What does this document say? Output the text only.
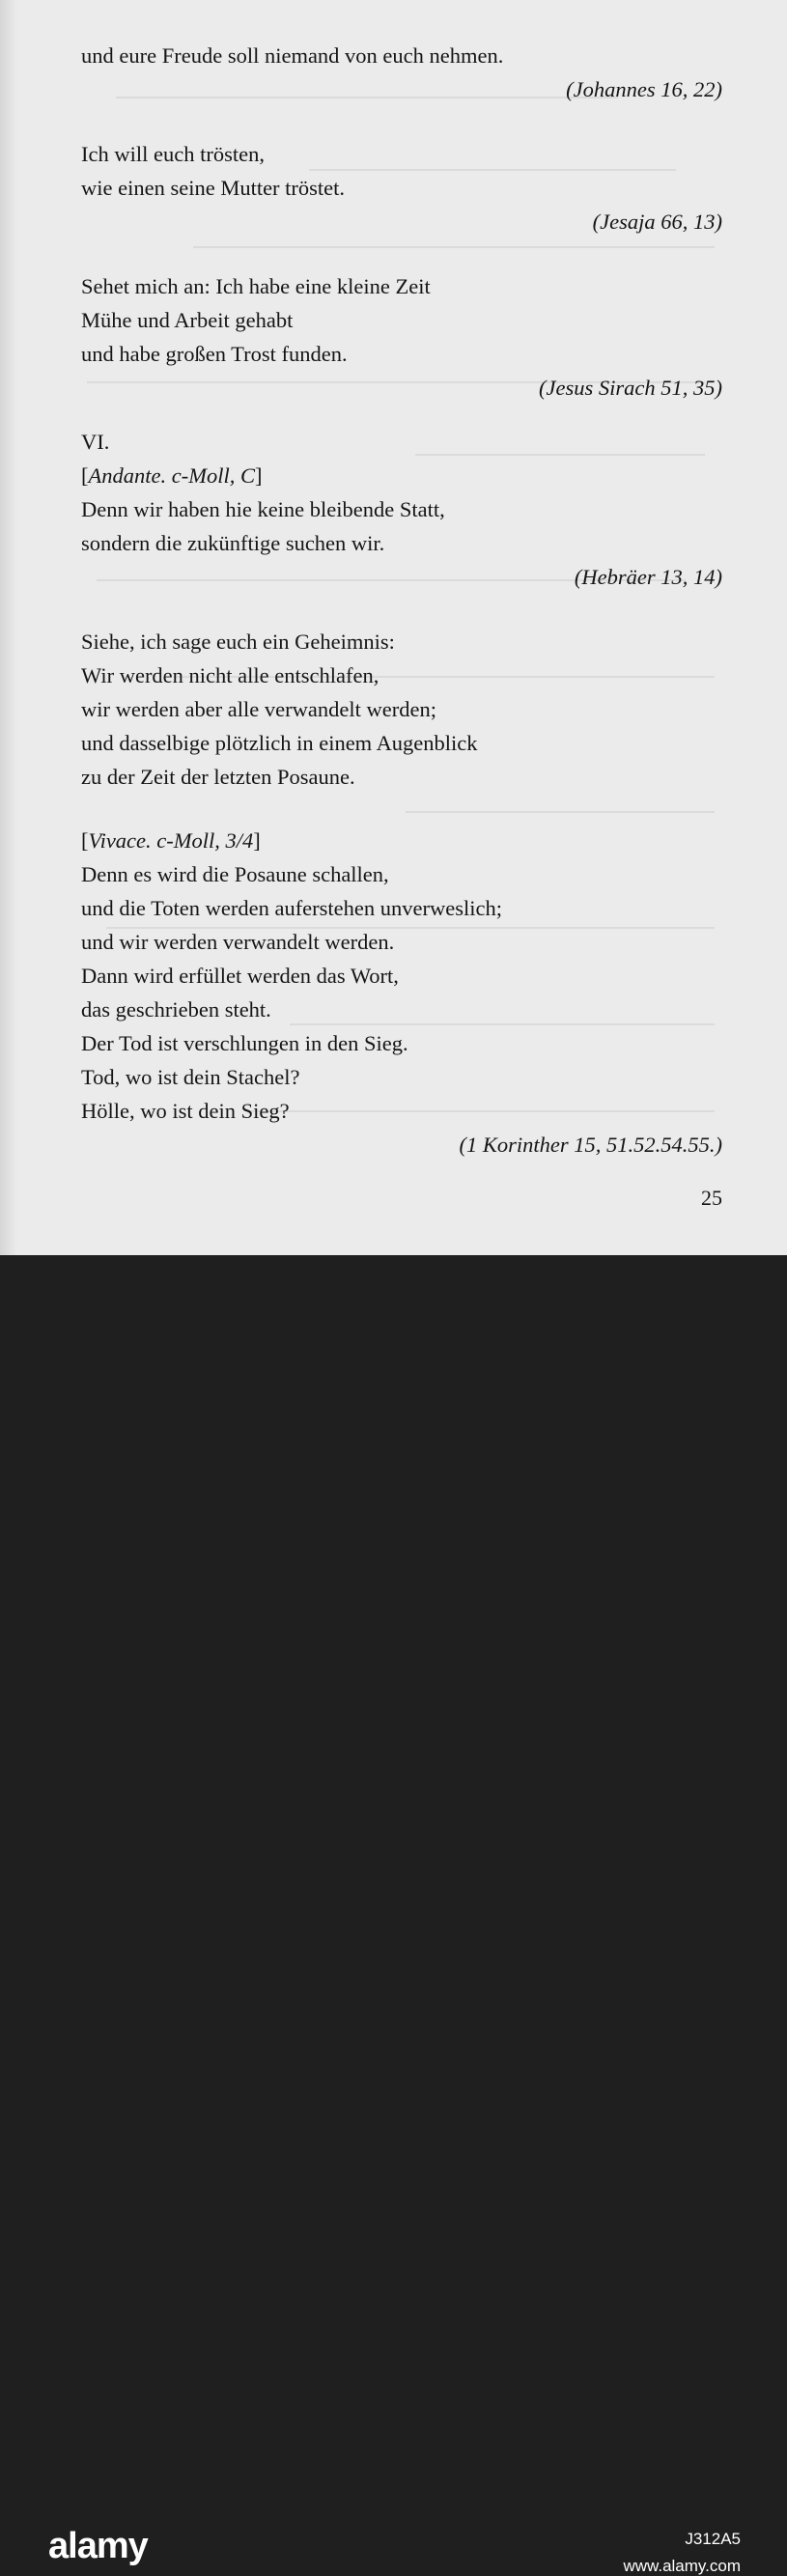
und eure Freude soll niemand von euch nehmen.
(Johannes 16, 22)
Ich will euch trösten,
wie einen seine Mutter tröstet.
(Jesaja 66, 13)
Sehet mich an: Ich habe eine kleine Zeit
Mühe und Arbeit gehabt
und habe großen Trost funden.
(Jesus Sirach 51, 35)
VI.
[Andante. c-Moll, C]
Denn wir haben hie keine bleibende Statt,
sondern die zukünftige suchen wir.
(Hebräer 13, 14)
Siehe, ich sage euch ein Geheimnis:
Wir werden nicht alle entschlafen,
wir werden aber alle verwandelt werden;
und dasselbige plötzlich in einem Augenblick
zu der Zeit der letzten Posaune.
[Vivace. c-Moll, 3/4]
Denn es wird die Posaune schallen,
und die Toten werden auferstehen unverweslich;
und wir werden verwandelt werden.
Dann wird erfüllet werden das Wort,
das geschrieben steht.
Der Tod ist verschlungen in den Sieg.
Tod, wo ist dein Stachel?
Hölle, wo ist dein Sieg?
(1 Korinther 15, 51.52.54.55.)
25
alamy	J312A5
www.alamy.com
